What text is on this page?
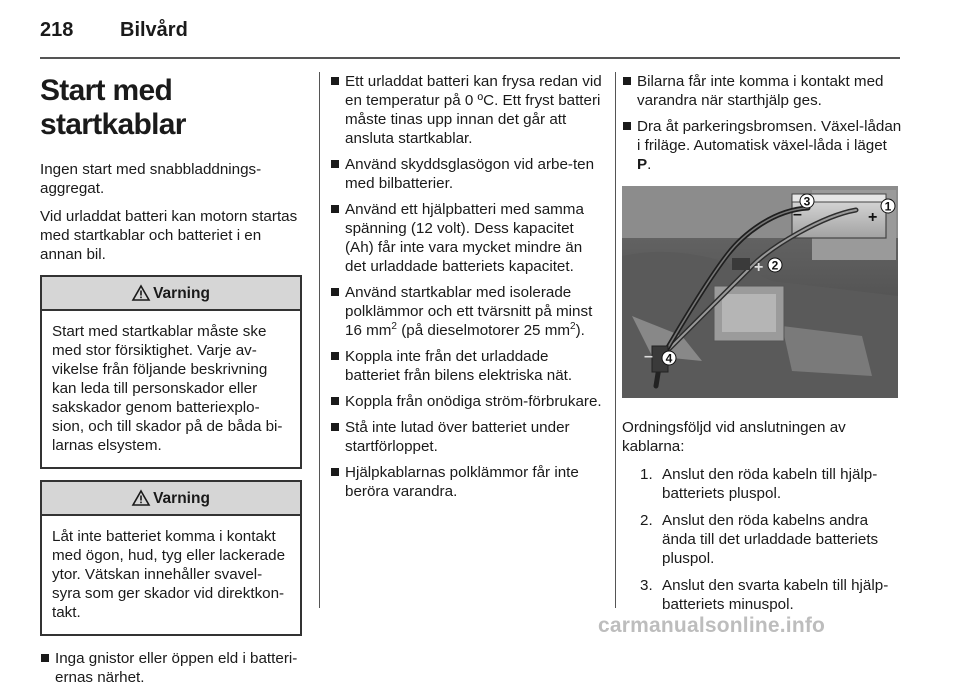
218 Bilvård
Start med startkablar

Ingen start med snabbladdnings-aggregat.

Vid urladdat batteri kan motorn startas med startkablar och batteriet i en annan bil.

Varning
Start med startkablar måste ske med stor försiktighet. Varje av-vikelse från följande beskrivning kan leda till personskador eller sakskador genom batteriexplo-sion, och till skador på de båda bi-larnas elsystem.
Varning
Låt inte batteriet komma i kontakt med ögon, hud, tyg eller lackerade ytor. Vätskan innehåller svavel-syra som ger skador vid direktkon-takt.
Inga gnistor eller öppen eld i batteri-ernas närhet.
Ett urladdat batteri kan frysa redan vid en temperatur på 0 ºC. Ett fryst batteri måste tinas upp innan det går att ansluta startkablar.
Använd skyddsglasögon vid arbe-ten med bilbatterier.
Använd ett hjälpbatteri med samma spänning (12 volt). Dess kapacitet (Ah) får inte vara mycket mindre än det urladdade batteriets kapacitet.
Använd startkablar med isolerade polklämmor och ett tvärsnitt på minst 16 $mm^2$ (på dieselmotorer 25 $mm^2$).
Koppla inte från det urladdade batteriet från bilens elektriska nät.
Koppla från onödiga ström-förbrukare.
Stå inte lutad över batteriet under startförloppet.
Hjälpkablarnas polklämmor får inte beröra varandra.
Bilarna får inte komma i kontakt med varandra när starthjälp ges.
Dra åt parkeringsbromsen. Växel-lådan i friläge. Automatisk växel-låda i läget P.
3	1
2
4
+
–
+
–

Ordningsföljd vid anslutningen av kablarna:

1. Anslut den röda kabeln till hjälp-batteriets pluspol.
2. Anslut den röda kabelns andra ända till det urladdade batteriets pluspol.
3. Anslut den svarta kabeln till hjälp-batteriets minuspol.
carmanualsonline.info
